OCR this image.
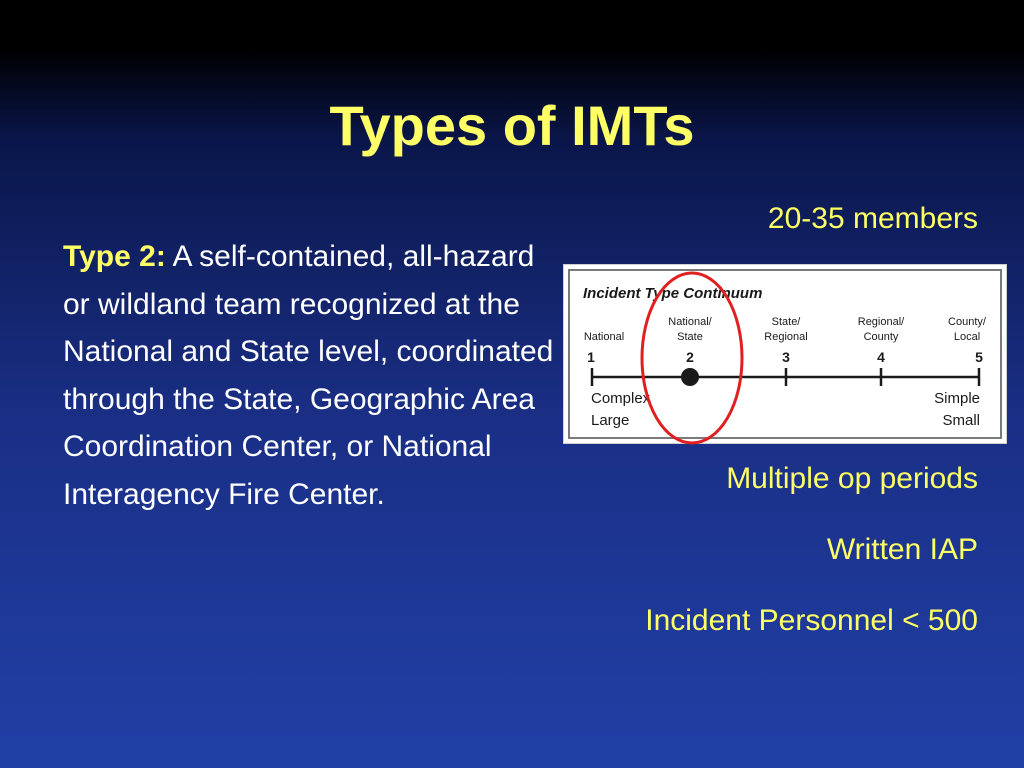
Types of IMTs
Type 2: A self-contained, all-hazard or wildland team recognized at the National and State level, coordinated through the State, Geographic Area Coordination Center, or National Interagency Fire Center.
20-35 members
Incident Type Continuum
National
National/
State
State/
Regional
Regional/
County
County/
Local
1	2	3	4	5
Complex
Large
Simple
Small
Multiple op periods
Written IAP
Incident Personnel < 500
